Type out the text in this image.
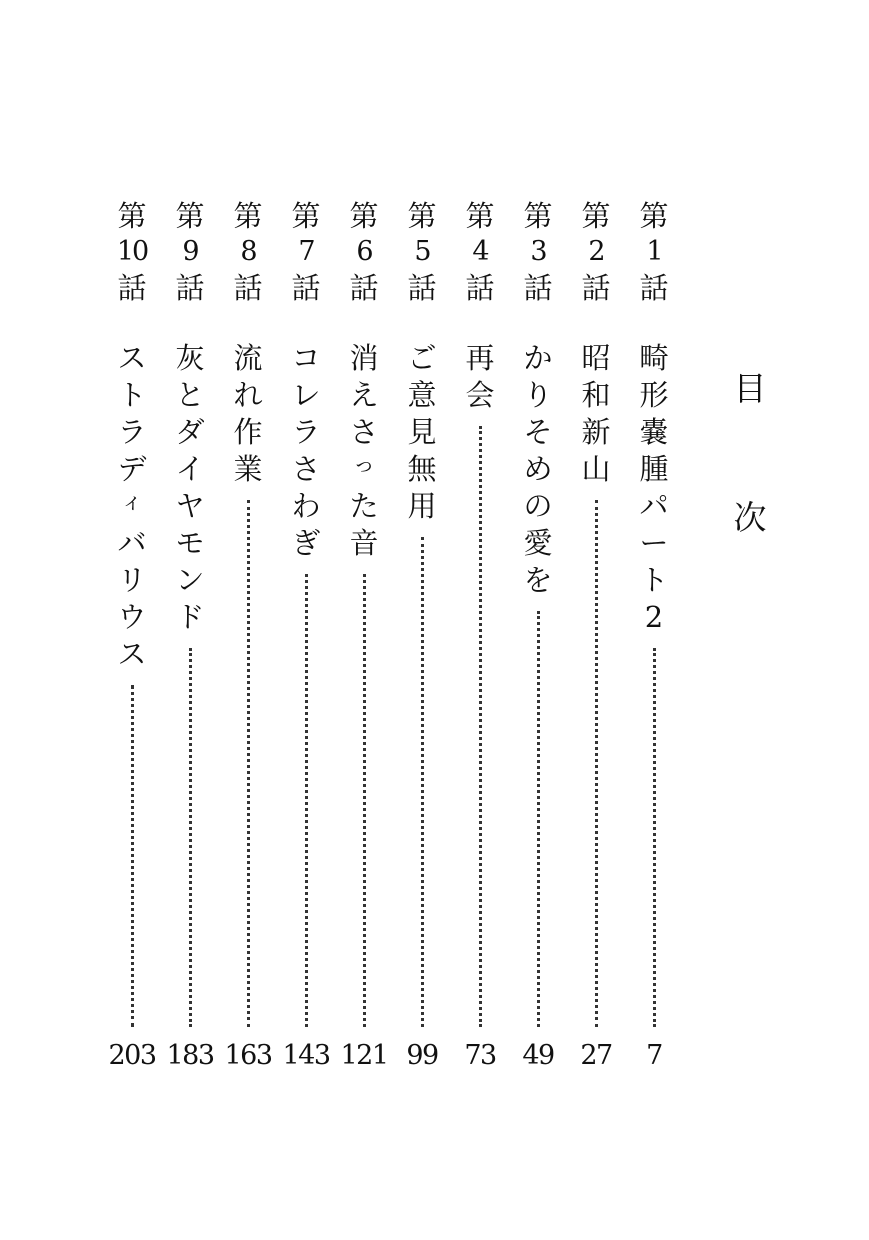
目
次
第
1
話
畸
形
嚢
腫
パ
ー
ト
2
7
第
2
話
昭
和
新
山
27
第
3
話
か
り
そ
め
の
愛
を
49
第
4
話
再
会
73
第
5
話
ご
意
見
無
用
99
第
6
話
消
え
さ
っ
た
音
121
第
7
話
コ
レ
ラ
さ
わ
ぎ
143
第
8
話
流
れ
作
業
163
第
9
話
灰
と
ダ
イ
ヤ
モ
ン
ド
183
第
10
話
ス
ト
ラ
デ
ィ
バ
リ
ウ
ス
203
